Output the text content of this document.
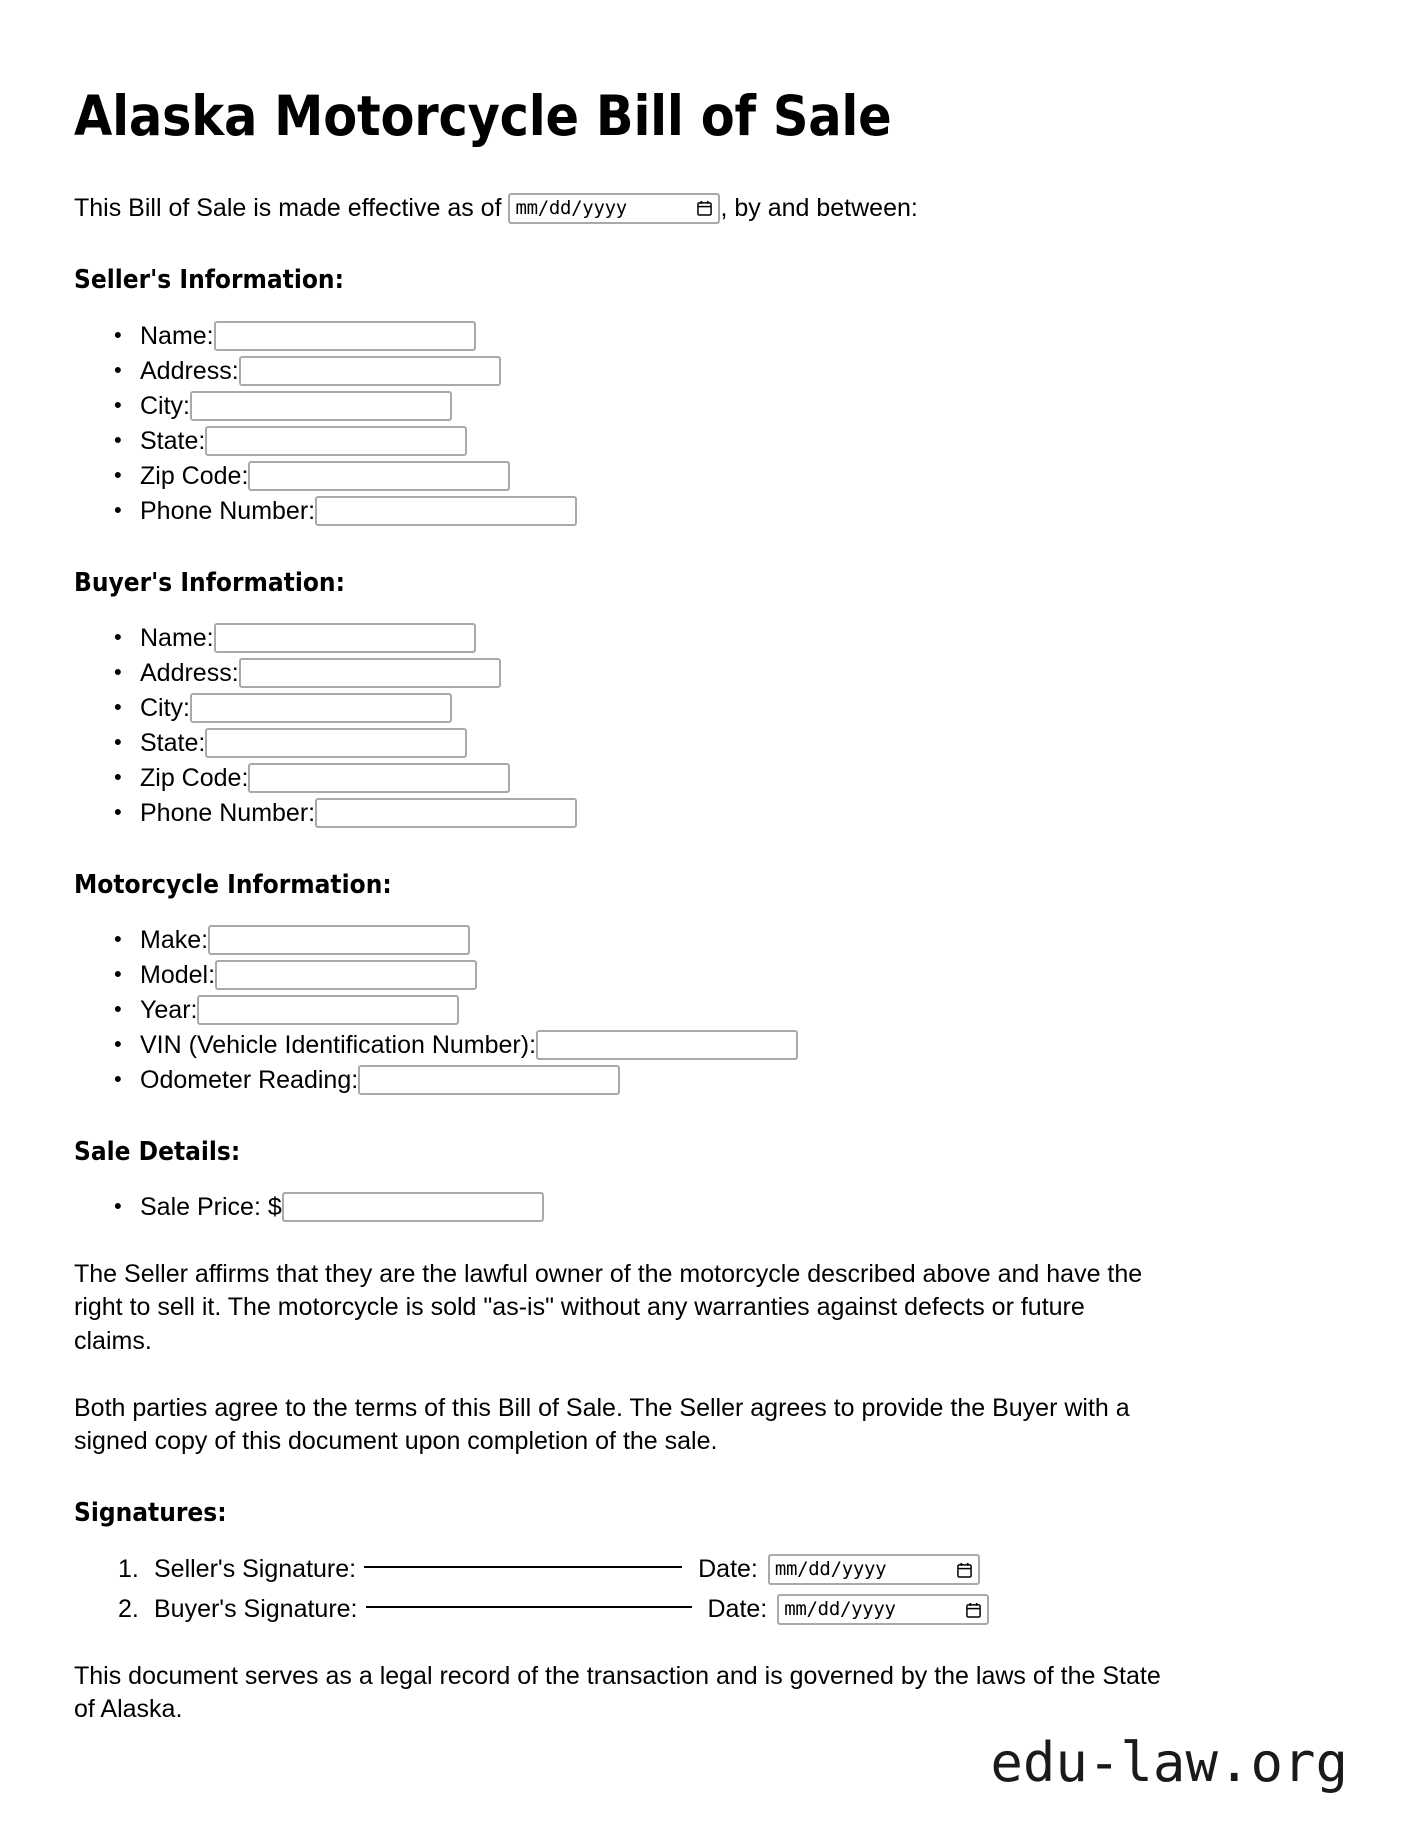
Alaska Motorcycle Bill of Sale
This Bill of Sale is made effective as of mm/dd/yyyy	, by and between:
Seller's Information:
• Name:
• Address:
• City:
• State:
• Zip Code:
• Phone Number:
Buyer's Information:
• Name:
• Address:
• City:
• State:
• Zip Code:
• Phone Number:
Motorcycle Information:
• Make:
• Model:
• Year:
• VIN (Vehicle Identification Number):
• Odometer Reading:
Sale Details:
• Sale Price: $

The Seller affirms that they are the lawful owner of the motorcycle described above and have the right to sell it. The motorcycle is sold "as-is" without any warranties against defects or future claims.

Both parties agree to the terms of this Bill of Sale. The Seller agrees to provide the Buyer with a signed copy of this document upon completion of the sale.

Signatures:
Seller's Signature:	Date: mm/dd/yyyy
Buyer's Signature:	Date: mm/dd/yyyy

This document serves as a legal record of the transaction and is governed by the laws of the State of Alaska.

edu-law.org
